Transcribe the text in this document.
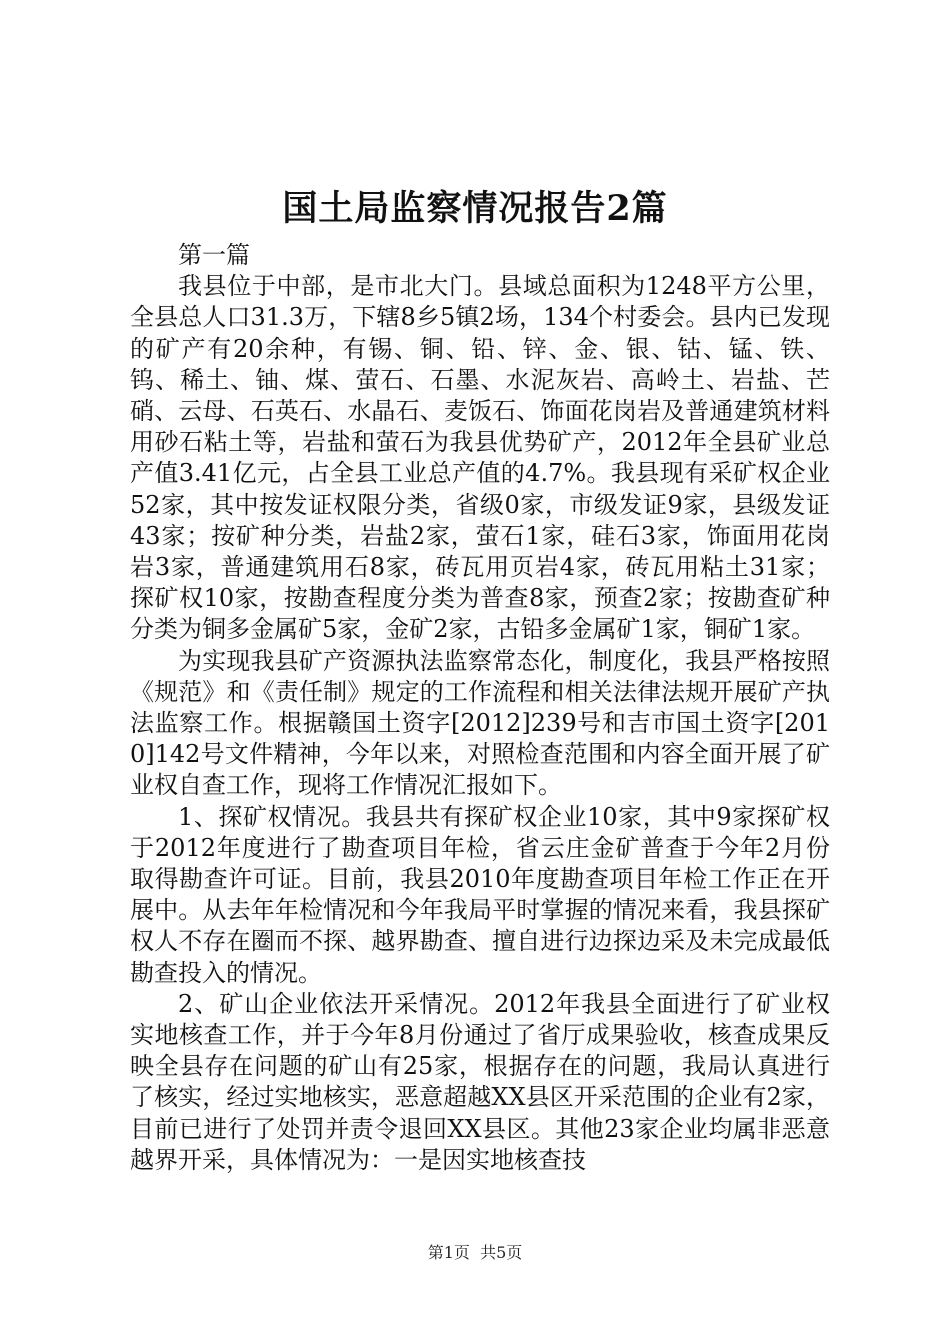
国土局监察情况报告2篇

第一篇

我县位于中部，是市北大门。县域总面积为1248平方公里，全县总人口31.3万，下辖8乡5镇2场，134个村委会。县内已发现的矿产有20余种，有锡、铜、铅、锌、金、银、钴、锰、铁、钨、稀土、铀、煤、萤石、石墨、水泥灰岩、高岭土、岩盐、芒硝、云母、石英石、水晶石、麦饭石、饰面花岗岩及普通建筑材料用砂石粘土等，岩盐和萤石为我县优势矿产，2012年全县矿业总产值3.41亿元，占全县工业总产值的4.7%。我县现有采矿权企业52家，其中按发证权限分类，省级0家，市级发证9家，县级发证43家；按矿种分类，岩盐2家，萤石1家，硅石3家，饰面用花岗岩3家，普通建筑用石8家，砖瓦用页岩4家，砖瓦用粘土31家；探矿权10家，按勘查程度分类为普查8家，预查2家；按勘查矿种分类为铜多金属矿5家，金矿2家，古铅多金属矿1家，铜矿1家。

为实现我县矿产资源执法监察常态化，制度化，我县严格按照《规范》和《责任制》规定的工作流程和相关法律法规开展矿产执法监察工作。根据赣国土资字[2012]239号和吉市国土资字[2010]142号文件精神，今年以来，对照检查范围和内容全面开展了矿业权自查工作，现将工作情况汇报如下。

1、探矿权情况。我县共有探矿权企业10家，其中9家探矿权于2012年度进行了勘查项目年检，省云庄金矿普查于今年2月份取得勘查许可证。目前，我县2010年度勘查项目年检工作正在开展中。从去年年检情况和今年我局平时掌握的情况来看，我县探矿权人不存在圈而不探、越界勘查、擅自进行边探边采及未完成最低勘查投入的情况。

2、矿山企业依法开采情况。2012年我县全面进行了矿业权实地核查工作，并于今年8月份通过了省厅成果验收，核查成果反映全县存在问题的矿山有25家，根据存在的问题，我局认真进行了核实，经过实地核实，恶意超越XX县区开采范围的企业有2家，目前已进行了处罚并责令退回XX县区。其他23家企业均属非恶意越界开采，具体情况为：一是因实地核查技

第1页 共5页
